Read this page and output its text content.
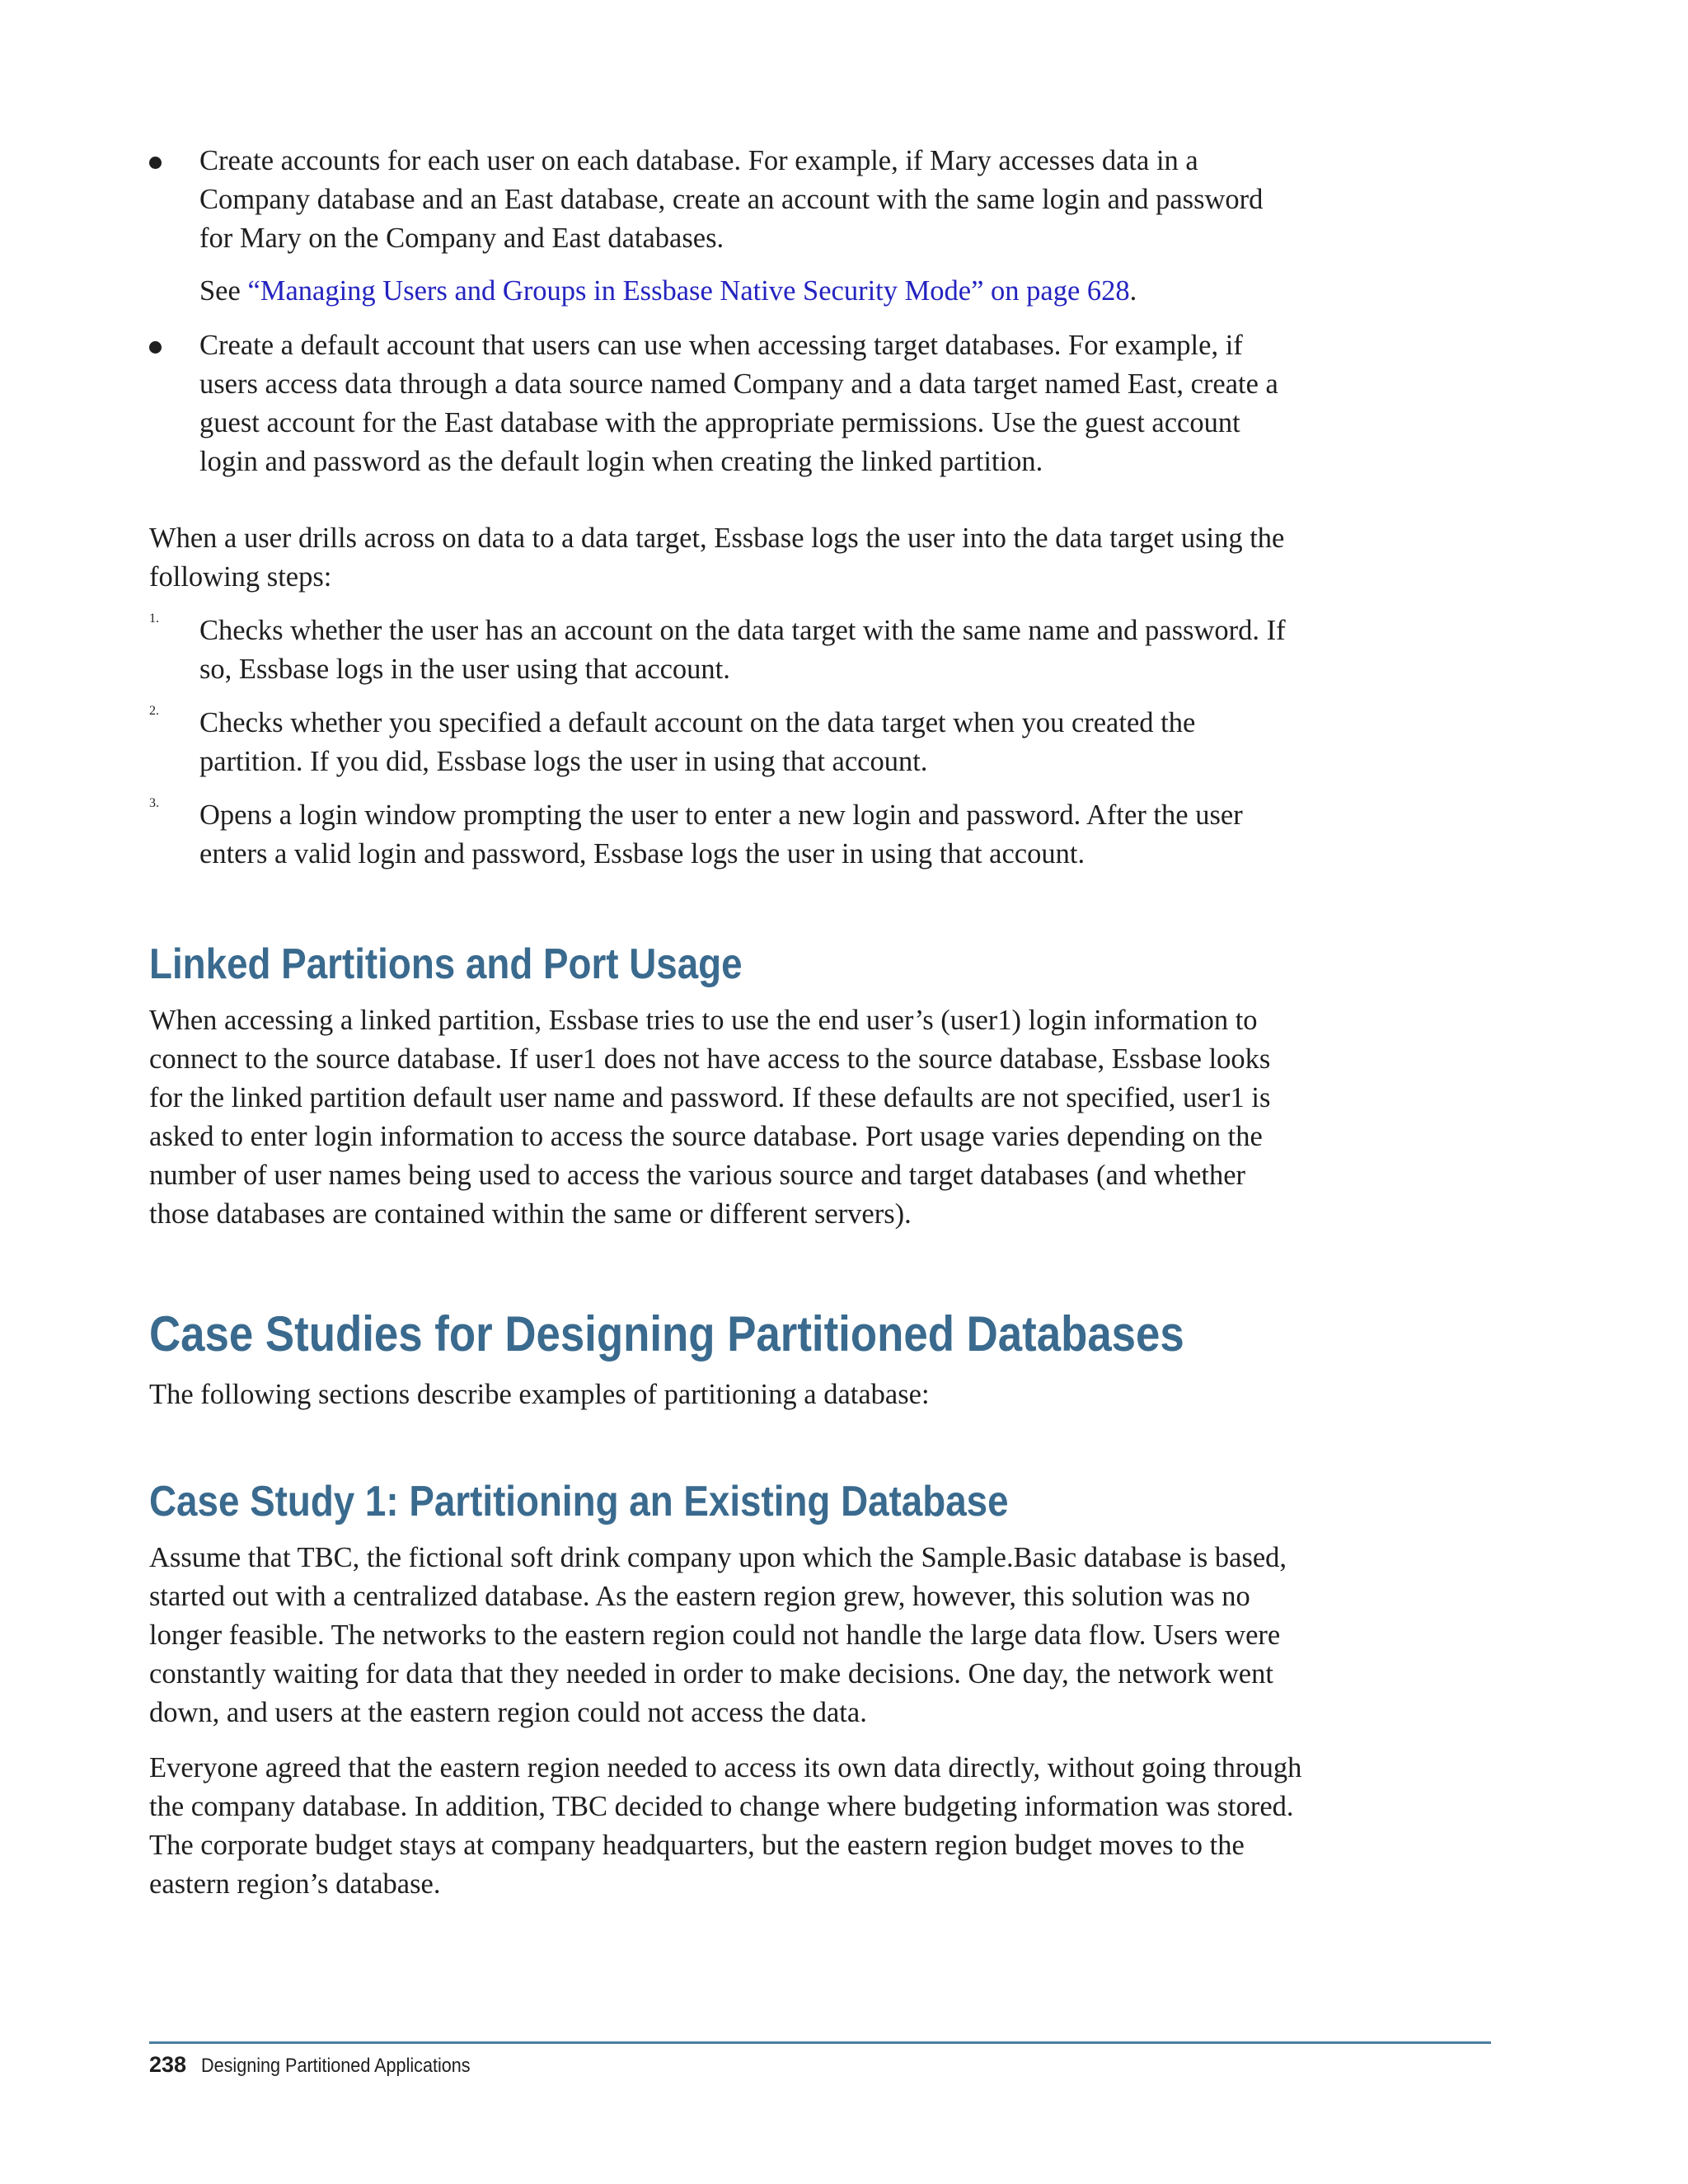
Create accounts for each user on each database. For example, if Mary accesses data in a Company database and an East database, create an account with the same login and password for Mary on the Company and East databases.

See “Managing Users and Groups in Essbase Native Security Mode” on page 628.

Create a default account that users can use when accessing target databases. For example, if users access data through a data source named Company and a data target named East, create a guest account for the East database with the appropriate permissions. Use the guest account login and password as the default login when creating the linked partition.

When a user drills across on data to a data target, Essbase logs the user into the data target using the following steps:

1. Checks whether the user has an account on the data target with the same name and password. If so, Essbase logs in the user using that account.

2. Checks whether you specified a default account on the data target when you created the partition. If you did, Essbase logs the user in using that account.

3. Opens a login window prompting the user to enter a new login and password. After the user enters a valid login and password, Essbase logs the user in using that account.

Linked Partitions and Port Usage

When accessing a linked partition, Essbase tries to use the end user’s (user1) login information to connect to the source database. If user1 does not have access to the source database, Essbase looks for the linked partition default user name and password. If these defaults are not specified, user1 is asked to enter login information to access the source database. Port usage varies depending on the number of user names being used to access the various source and target databases (and whether those databases are contained within the same or different servers).

Case Studies for Designing Partitioned Databases

The following sections describe examples of partitioning a database:

Case Study 1: Partitioning an Existing Database

Assume that TBC, the fictional soft drink company upon which the Sample.Basic database is based, started out with a centralized database. As the eastern region grew, however, this solution was no longer feasible. The networks to the eastern region could not handle the large data flow. Users were constantly waiting for data that they needed in order to make decisions. One day, the network went down, and users at the eastern region could not access the data.

Everyone agreed that the eastern region needed to access its own data directly, without going through the company database. In addition, TBC decided to change where budgeting information was stored. The corporate budget stays at company headquarters, but the eastern region budget moves to the eastern region’s database.

238 Designing Partitioned Applications
